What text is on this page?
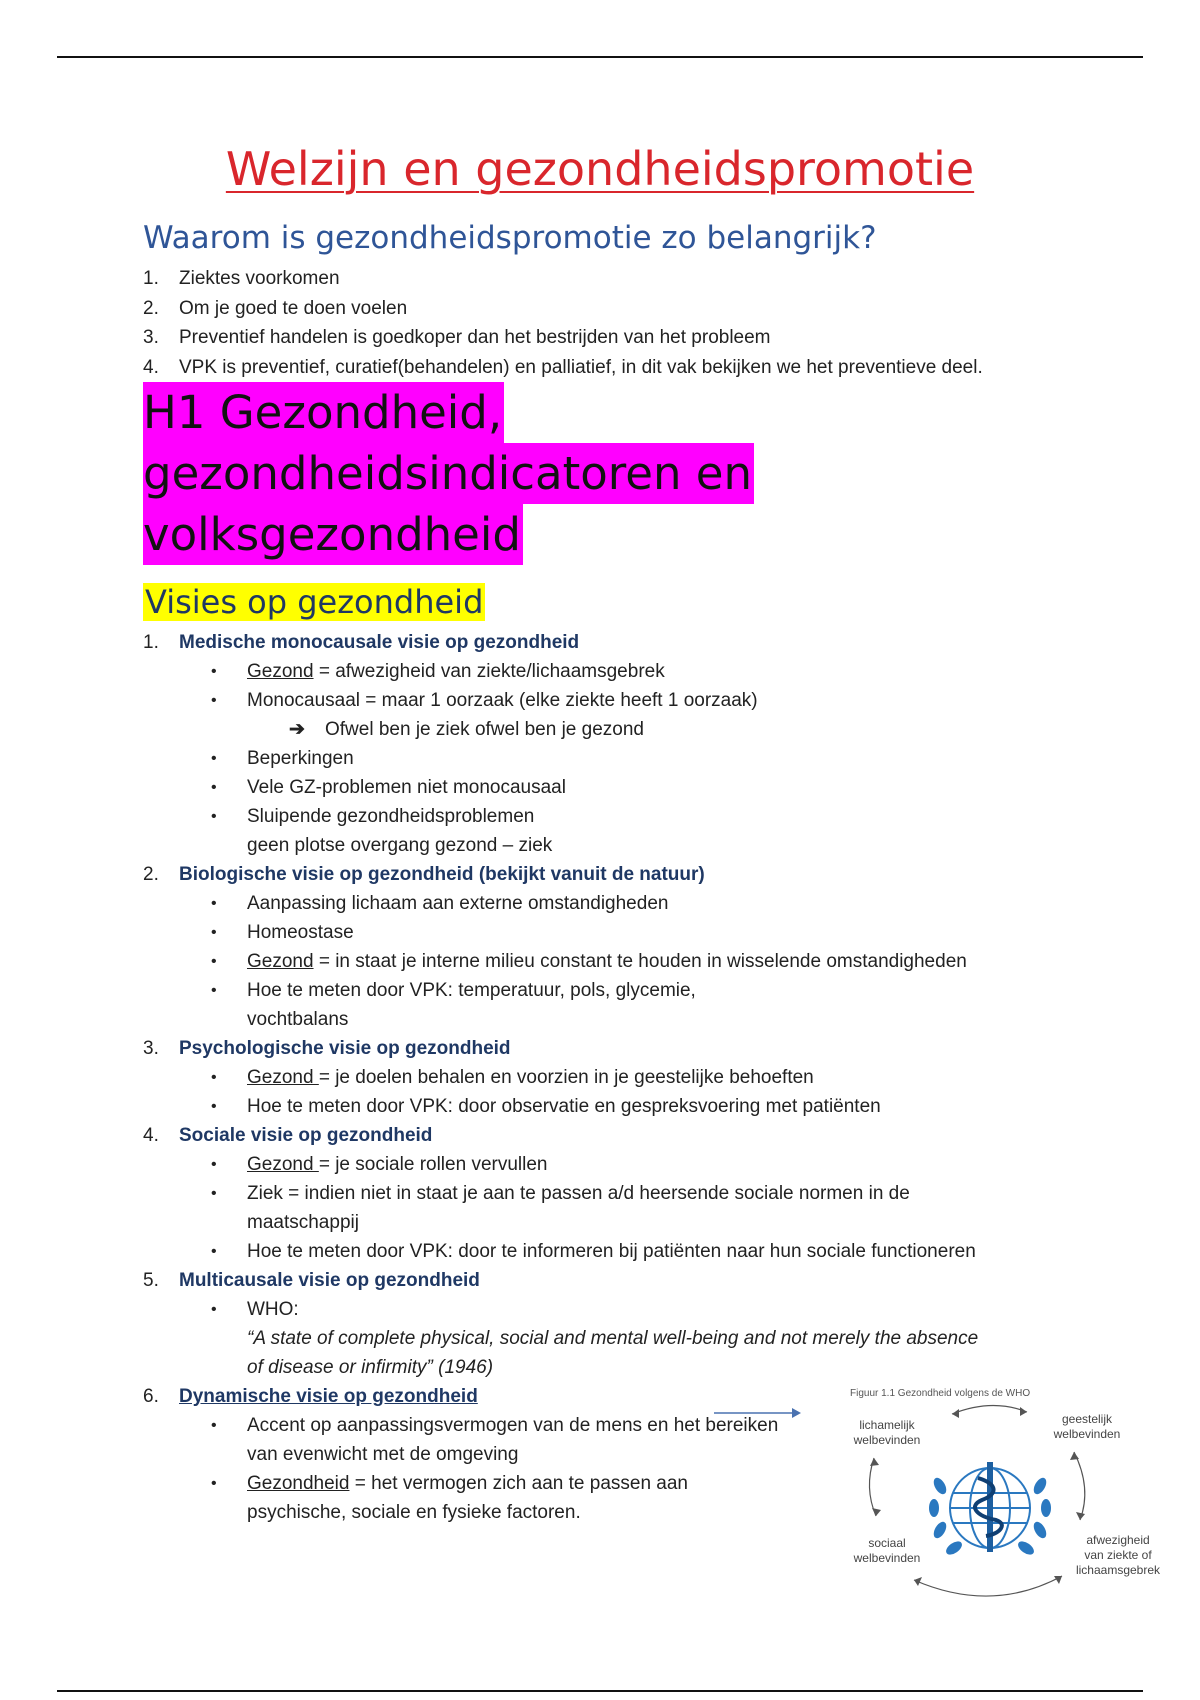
Welzijn en gezondheidspromotie
Waarom is gezondheidspromotie zo belangrijk?
1.	Ziektes voorkomen
2.	Om je goed te doen voelen
3.	Preventief handelen is goedkoper dan het bestrijden van het probleem
4.	VPK is preventief, curatief(behandelen) en palliatief, in dit vak bekijken we het preventieve deel.
H1 Gezondheid,
gezondheidsindicatoren en
volksgezondheid
Visies op gezondheid
1.	Medische monocausale visie op gezondheid
•	Gezond = afwezigheid van ziekte/lichaamsgebrek
•	Monocausaal = maar 1 oorzaak (elke ziekte heeft 1 oorzaak)
➔	Ofwel ben je ziek ofwel ben je gezond
•	Beperkingen
•	Vele GZ-problemen niet monocausaal
•	Sluipende gezondheidsproblemen
geen plotse overgang gezond – ziek
2.	Biologische visie op gezondheid (bekijkt vanuit de natuur)
•	Aanpassing lichaam aan externe omstandigheden
•	Homeostase
•	Gezond = in staat je interne milieu constant te houden in wisselende omstandigheden
•	Hoe te meten door VPK: temperatuur, pols, glycemie,
vochtbalans
3.	Psychologische visie op gezondheid
•	Gezond = je doelen behalen en voorzien in je geestelijke behoeften
•	Hoe te meten door VPK: door observatie en gespreksvoering met patiënten
4.	Sociale visie op gezondheid
•	Gezond = je sociale rollen vervullen
•	Ziek = indien niet in staat je aan te passen a/d heersende sociale normen in de
maatschappij
•	Hoe te meten door VPK: door te informeren bij patiënten naar hun sociale functioneren
5.	Multicausale visie op gezondheid
•	WHO:
“A state of complete physical, social and mental well-being and not merely the absence
of disease or infirmity” (1946)
6.	Dynamische visie op gezondheid
•	Accent op aanpassingsvermogen van de mens en het bereiken
van evenwicht met de omgeving
•	Gezondheid = het vermogen zich aan te passen aan
psychische, sociale en fysieke factoren.
Figuur 1.1 Gezondheid volgens de WHO
lichamelijk
welbevinden
geestelijk
welbevinden
sociaal
welbevinden
afwezigheid
van ziekte of
lichaamsgebrek
